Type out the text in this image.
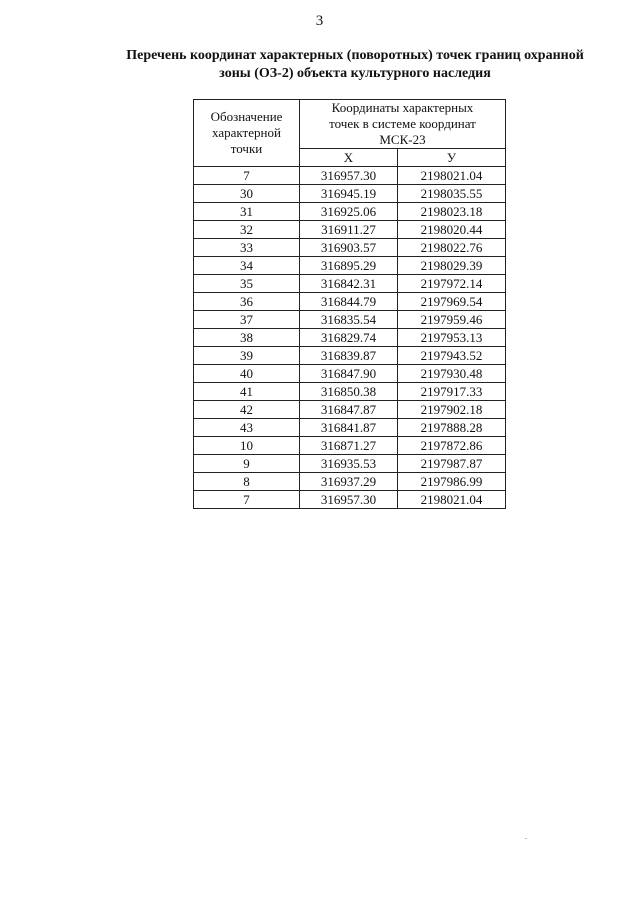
3
Перечень координат характерных (поворотных) точек границ охранной
зоны (ОЗ-2) объекта культурного наследия
Обозначение
характерной
точки	Координаты характерных
точек в системе координат
МСК-23	

	X	У
7	316957.30	2198021.04
30	316945.19	2198035.55
31	316925.06	2198023.18
32	316911.27	2198020.44
33	316903.57	2198022.76
34	316895.29	2198029.39
35	316842.31	2197972.14
36	316844.79	2197969.54
37	316835.54	2197959.46
38	316829.74	2197953.13
39	316839.87	2197943.52
40	316847.90	2197930.48
41	316850.38	2197917.33
42	316847.87	2197902.18
43	316841.87	2197888.28
10	316871.27	2197872.86
9	316935.53	2197987.87
8	316937.29	2197986.99
7	316957.30	2198021.04
